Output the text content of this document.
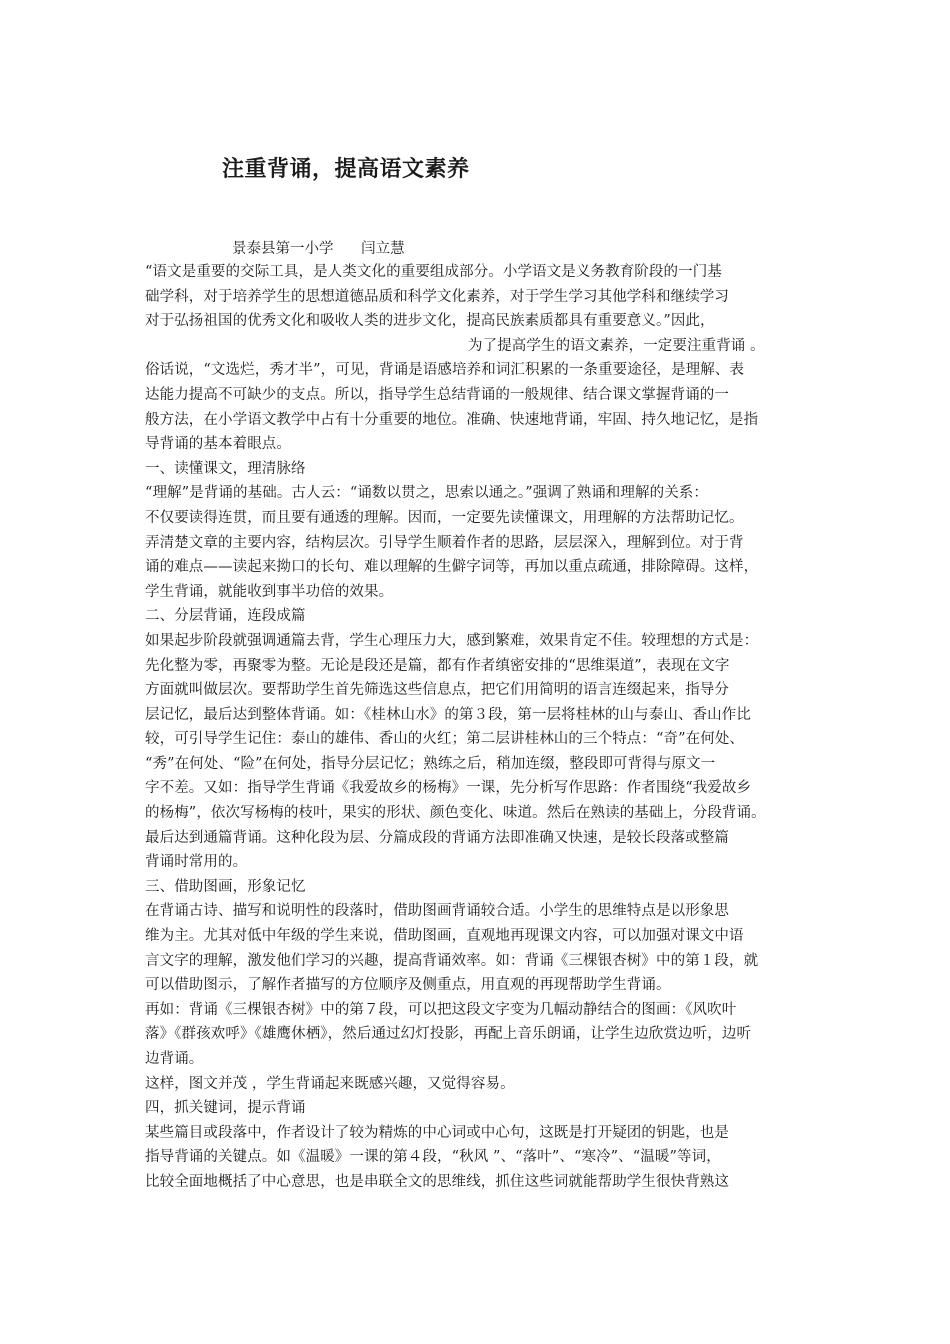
注重背诵，提高语文素养
景泰县第一小学      闫立慧
“语文是重要的交际工具，是人类文化的重要组成部分。小学语文是义务教育阶段的一门基
础学科，对于培养学生的思想道德品质和科学文化素养，对于学生学习其他学科和继续学习
对于弘扬祖国的优秀文化和吸收人类的进步文化，提高民族素质都具有重要意义。”因此，
为了提高学生的语文素养，一定要注重背诵 。
俗话说，“文选烂，秀才半”，可见，背诵是语感培养和词汇积累的一条重要途径，是理解、表
达能力提高不可缺少的支点。所以，指导学生总结背诵的一般规律、结合课文掌握背诵的一
般方法，在小学语文教学中占有十分重要的地位。准确、快速地背诵，牢固、持久地记忆，是指
导背诵的基本着眼点。
一、读懂课文，理清脉络
“理解”是背诵的基础。古人云：“诵数以贯之，思索以通之。”强调了熟诵和理解的关系：
不仅要读得连贯，而且要有通透的理解。因而，一定要先读懂课文，用理解的方法帮助记忆。
弄清楚文章的主要内容，结构层次。引导学生顺着作者的思路，层层深入，理解到位。对于背
诵的难点——读起来拗口的长句、难以理解的生僻字词等，再加以重点疏通，排除障碍。这样，
学生背诵，就能收到事半功倍的效果。
二、分层背诵，连段成篇
如果起步阶段就强调通篇去背，学生心理压力大，感到繁难，效果肯定不佳。较理想的方式是：
先化整为零，再聚零为整。无论是段还是篇，都有作者缜密安排的“思维渠道”，表现在文字
方面就叫做层次。要帮助学生首先筛选这些信息点，把它们用简明的语言连缀起来，指导分
层记忆，最后达到整体背诵。如：《桂林山水》的第３段，第一层将桂林的山与泰山、香山作比
较，可引导学生记住：泰山的雄伟、香山的火红；第二层讲桂林山的三个特点：“奇”在何处、
“秀”在何处、“险”在何处，指导分层记忆；熟练之后，稍加连缀，整段即可背得与原文一
字不差。又如：指导学生背诵《我爱故乡的杨梅》一课，先分析写作思路：作者围绕“我爱故乡
的杨梅”，依次写杨梅的枝叶，果实的形状、颜色变化、味道。然后在熟读的基础上，分段背诵。
最后达到通篇背诵。这种化段为层、分篇成段的背诵方法即准确又快速，是较长段落或整篇
背诵时常用的。
三、借助图画，形象记忆
在背诵古诗、描写和说明性的段落时，借助图画背诵较合适。小学生的思维特点是以形象思
维为主。尤其对低中年级的学生来说，借助图画，直观地再现课文内容，可以加强对课文中语
言文字的理解，激发他们学习的兴趣，提高背诵效率。如：背诵《三棵银杏树》中的第１段，就
可以借助图示，了解作者描写的方位顺序及侧重点，用直观的再现帮助学生背诵。
再如：背诵《三棵银杏树》中的第７段，可以把这段文字变为几幅动静结合的图画：《风吹叶
落》《群孩欢呼》《雄鹰休栖》，然后通过幻灯投影，再配上音乐朗诵，让学生边欣赏边听，边听
边背诵。
这样，图文并茂 ，学生背诵起来既感兴趣，又觉得容易。
四，抓关键词，提示背诵
某些篇目或段落中，作者设计了较为精炼的中心词或中心句，这既是打开疑团的钥匙，也是
指导背诵的关键点。如《温暖》一课的第４段，“秋风 ”、“落叶”、“寒冷”、“温暖”等词，
比较全面地概括了中心意思，也是串联全文的思维线，抓住这些词就能帮助学生很快背熟这
